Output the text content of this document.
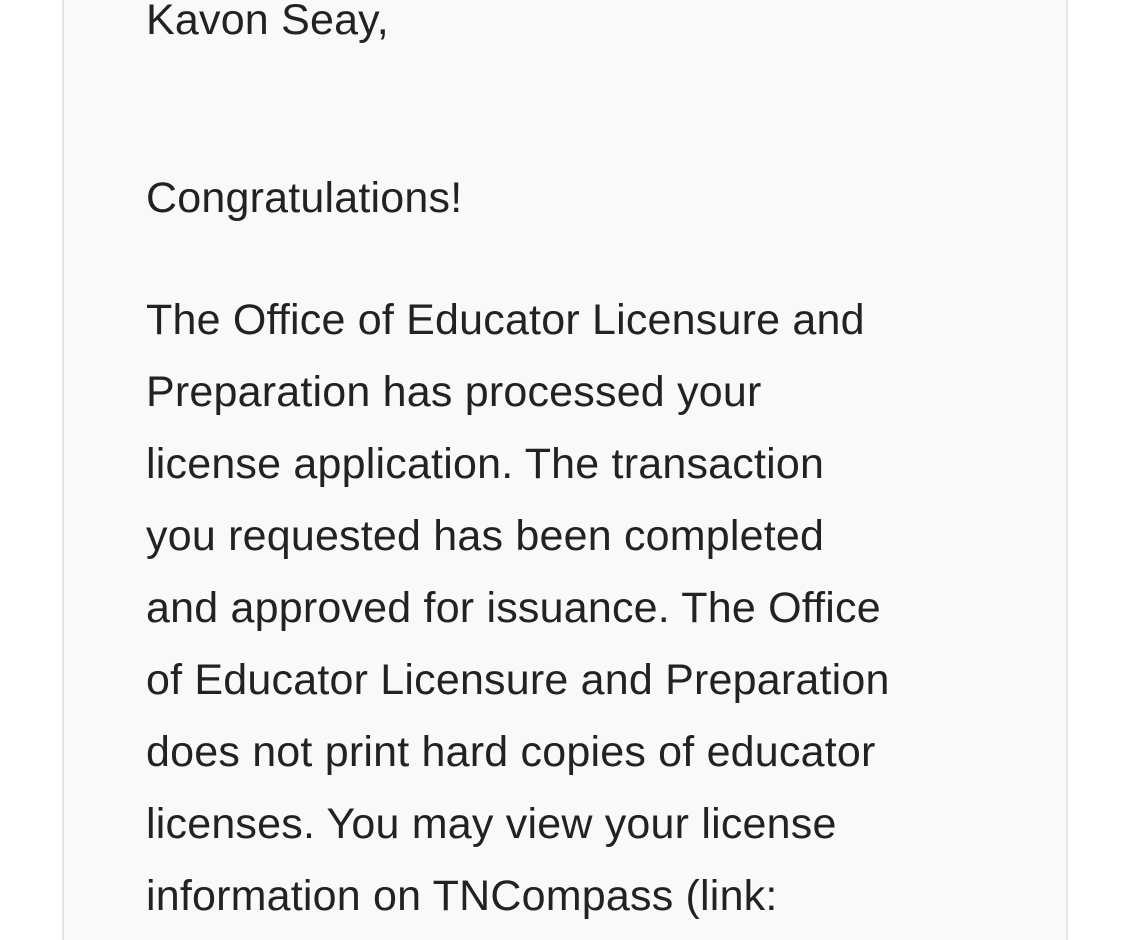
Kavon Seay,

Congratulations!

The Office of Educator Licensure and
Preparation has processed your
license application. The transaction
you requested has been completed
and approved for issuance. The Office
of Educator Licensure and Preparation
does not print hard copies of educator
licenses. You may view your license
information on TNCompass (link:
